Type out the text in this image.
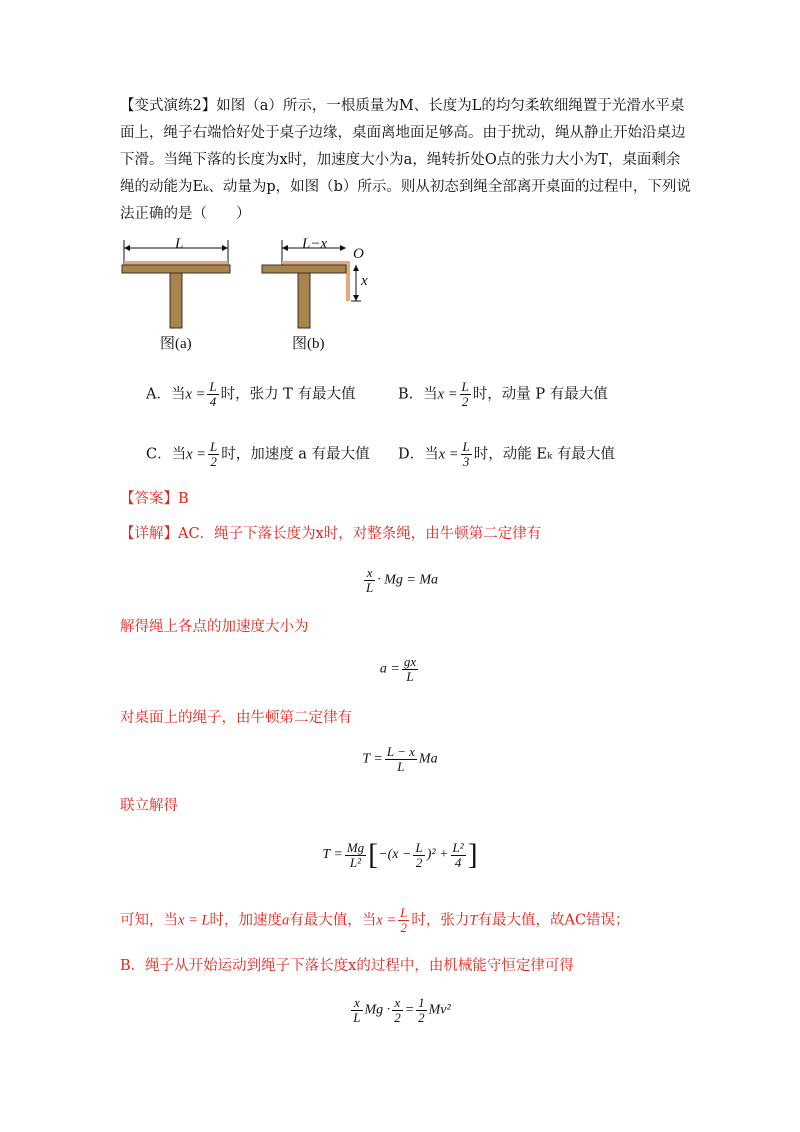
【变式演练2】如图（a）所示，一根质量为M、长度为L的均匀柔软细绳置于光滑水平桌
面上，绳子右端恰好处于桌子边缘，桌面离地面足够高。由于扰动，绳从静止开始沿桌边
下滑。当绳下落的长度为x时，加速度大小为a，绳转折处O点的张力大小为T，桌面剩余
绳的动能为Eₖ、动量为p，如图（b）所示。则从初态到绳全部离开桌面的过程中，下列说
法正确的是（　　）
L
图(a)
L−x
O
x
图(b)
A．当$x = \frac{L}{4}$ 时，张力 T 有最大值	B．当$x = \frac{L}{2}$ 时，动量 P 有最大值
C．当$x = \frac{L}{2}$ 时，加速度 a 有最大值 D．当$x = \frac{L}{3}$ 时，动能 Eₖ 有最大值
【答案】B
【详解】AC．绳子下落长度为x时，对整条绳，由牛顿第二定律有
$\frac{x}{L} \cdot Mg = Ma$
解得绳上各点的加速度大小为
$a = \frac{gx}{L}$
对桌面上的绳子，由牛顿第二定律有
$T = \frac{L - x}{L}$ Ma
联立解得
$T = \frac{Mg}{\text{L²}} [-(x - \frac{L}{2} )^2 + \frac{\text{L²}}{4}$ ]
可知，当x = L时，加速度a有最大值，当$x = \frac{L}{2}$ 时，张力T有最大值，故AC错误；
B．绳子从开始运动到绳子下落长度x的过程中，由机械能守恒定律可得
$\frac{x}{L}$ $Mg \cdot \frac{x}{2} = \frac{1}{2} Mv^2$
